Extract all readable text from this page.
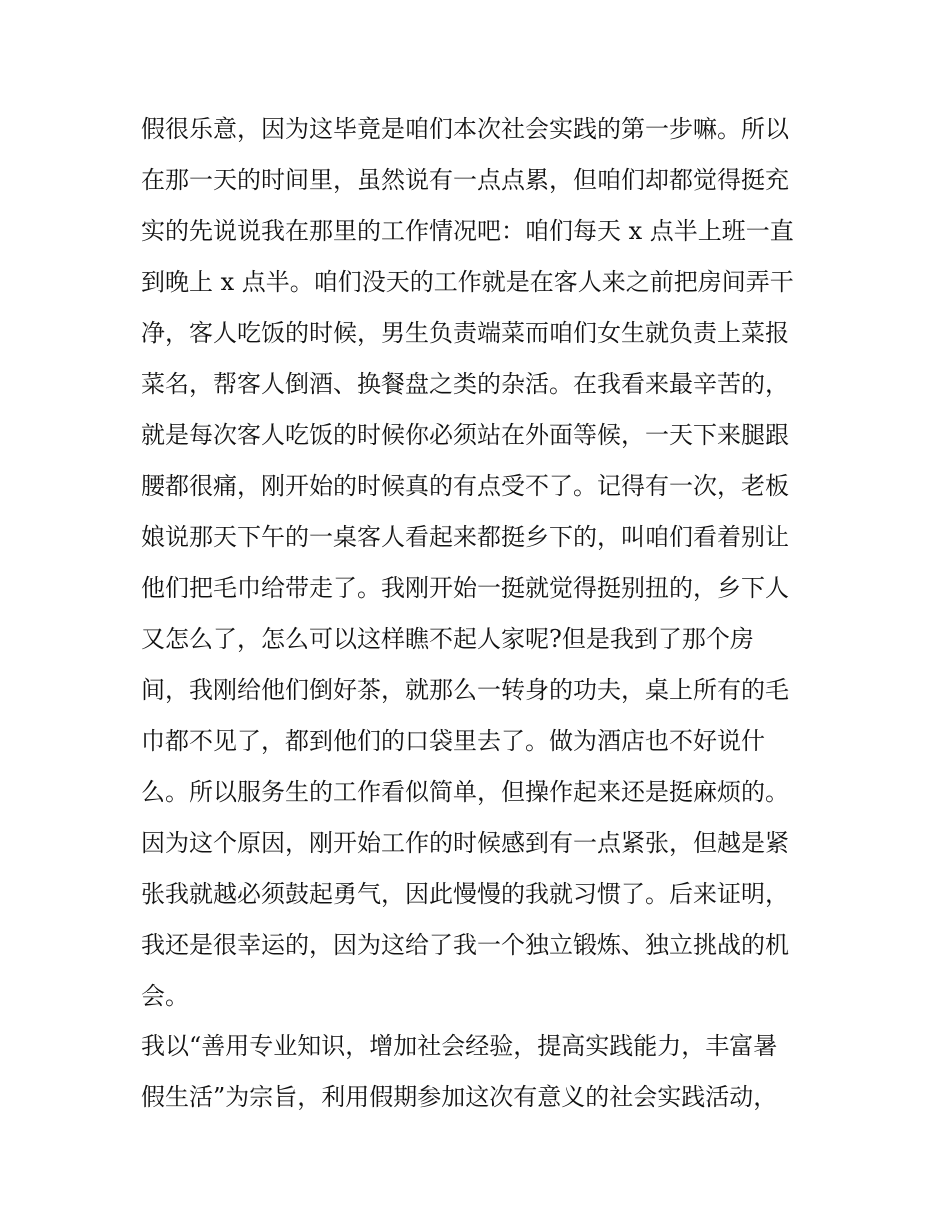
假很乐意，因为这毕竟是咱们本次社会实践的第一步嘛。所以
在那一天的时间里，虽然说有一点点累，但咱们却都觉得挺充
实的先说说我在那里的工作情况吧：咱们每天 x 点半上班一直
到晚上 x 点半。咱们没天的工作就是在客人来之前把房间弄干
净，客人吃饭的时候，男生负责端菜而咱们女生就负责上菜报
菜名，帮客人倒酒、换餐盘之类的杂活。在我看来最辛苦的，
就是每次客人吃饭的时候你必须站在外面等候，一天下来腿跟
腰都很痛，刚开始的时候真的有点受不了。记得有一次，老板
娘说那天下午的一桌客人看起来都挺乡下的，叫咱们看着别让
他们把毛巾给带走了。我刚开始一挺就觉得挺别扭的，乡下人
又怎么了，怎么可以这样瞧不起人家呢?但是我到了那个房
间，我刚给他们倒好茶，就那么一转身的功夫，桌上所有的毛
巾都不见了，都到他们的口袋里去了。做为酒店也不好说什
么。所以服务生的工作看似简单，但操作起来还是挺麻烦的。
因为这个原因，刚开始工作的时候感到有一点紧张，但越是紧
张我就越必须鼓起勇气，因此慢慢的我就习惯了。后来证明，
我还是很幸运的，因为这给了我一个独立锻炼、独立挑战的机
会。
我以“善用专业知识，增加社会经验，提高实践能力，丰富暑
假生活”为宗旨，利用假期参加这次有意义的社会实践活动，
